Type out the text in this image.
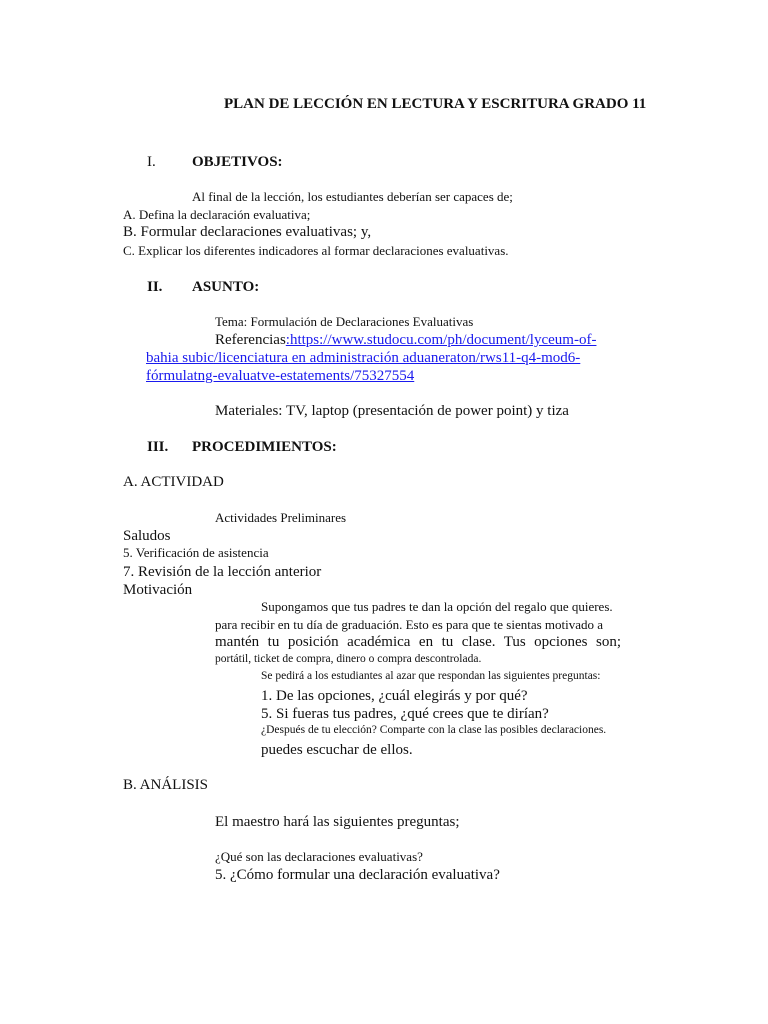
PLAN DE LECCIÓN EN LECTURA Y ESCRITURA GRADO 11
I. OBJETIVOS:
Al final de la lección, los estudiantes deberían ser capaces de;
A. Defina la declaración evaluativa;
B. Formular declaraciones evaluativas; y,
C. Explicar los diferentes indicadores al formar declaraciones evaluativas.
II. ASUNTO:
Tema: Formulación de Declaraciones Evaluativas
Referencias:https://www.studocu.com/ph/document/lyceum-of-
bahia subic/licenciatura en administración aduaneraton/rws11-q4-mod6-
fórmulatng-evaluatve-estatements/75327554
Materiales: TV, laptop (presentación de power point) y tiza
III. PROCEDIMIENTOS:
A. ACTIVIDAD
Actividades Preliminares
Saludos
5. Verificación de asistencia
7. Revisión de la lección anterior
Motivación
Supongamos que tus padres te dan la opción del regalo que quieres.
para recibir en tu día de graduación. Esto es para que te sientas motivado a
mantén tu posición académica en tu clase. Tus opciones son;
portátil, ticket de compra, dinero o compra descontrolada.
Se pedirá a los estudiantes al azar que respondan las siguientes preguntas:
1. De las opciones, ¿cuál elegirás y por qué?
5. Si fueras tus padres, ¿qué crees que te dirían?
¿Después de tu elección? Comparte con la clase las posibles declaraciones.
puedes escuchar de ellos.
B. ANÁLISIS
El maestro hará las siguientes preguntas;
¿Qué son las declaraciones evaluativas?
5. ¿Cómo formular una declaración evaluativa?
